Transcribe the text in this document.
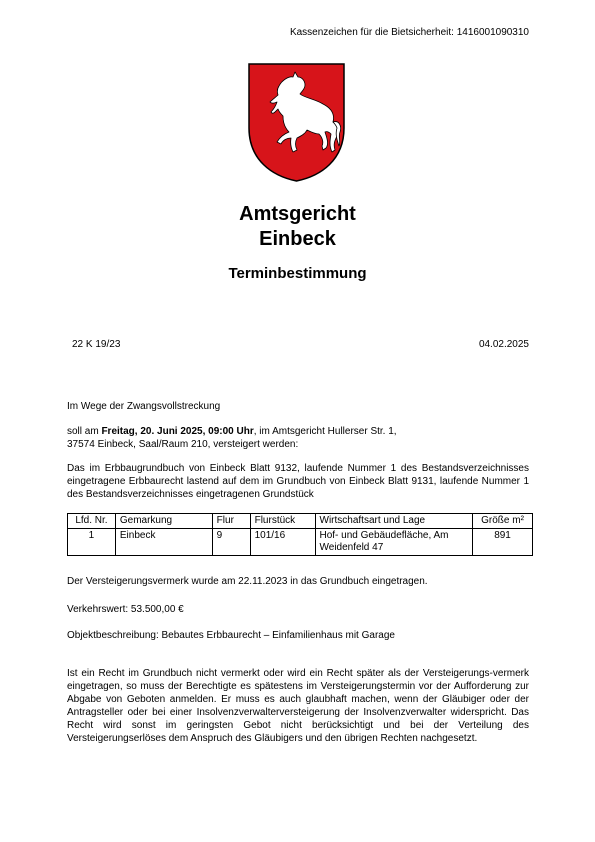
Kassenzeichen für die Bietsicherheit: 1416001090310
Amtsgericht
Einbeck
Terminbestimmung
22 K 19/23	04.02.2025
Im Wege der Zwangsvollstreckung
soll am Freitag, 20. Juni 2025, 09:00 Uhr, im Amtsgericht Hullerser Str. 1,
37574 Einbeck, Saal/Raum 210, versteigert werden:
Das im Erbbaugrundbuch von Einbeck Blatt 9132, laufende Nummer 1 des Bestandsverzeichnisses eingetragene Erbbaurecht lastend auf dem im Grundbuch von Einbeck Blatt 9131, laufende Nummer 1 des Bestandsverzeichnisses eingetragenen Grundstück
Lfd. Nr.	Gemarkung	Flur	Flurstück	Wirtschaftsart und Lage	Größe m²
1	Einbeck	9	101/16	Hof- und Gebäudefläche, Am Weidenfeld 47	891
Der Versteigerungsvermerk wurde am 22.11.2023 in das Grundbuch eingetragen.
Verkehrswert: 53.500,00 €
Objektbeschreibung: Bebautes Erbbaurecht – Einfamilienhaus mit Garage
Ist ein Recht im Grundbuch nicht vermerkt oder wird ein Recht später als der Versteigerungs-vermerk eingetragen, so muss der Berechtigte es spätestens im Versteigerungstermin vor der Aufforderung zur Abgabe von Geboten anmelden. Er muss es auch glaubhaft machen, wenn der Gläubiger oder der Antragsteller oder bei einer Insolvenzverwalterversteigerung der Insolvenzverwalter widerspricht. Das Recht wird sonst im geringsten Gebot nicht berücksichtigt und bei der Verteilung des Versteigerungserlöses dem Anspruch des Gläubigers und den übrigen Rechten nachgesetzt.
